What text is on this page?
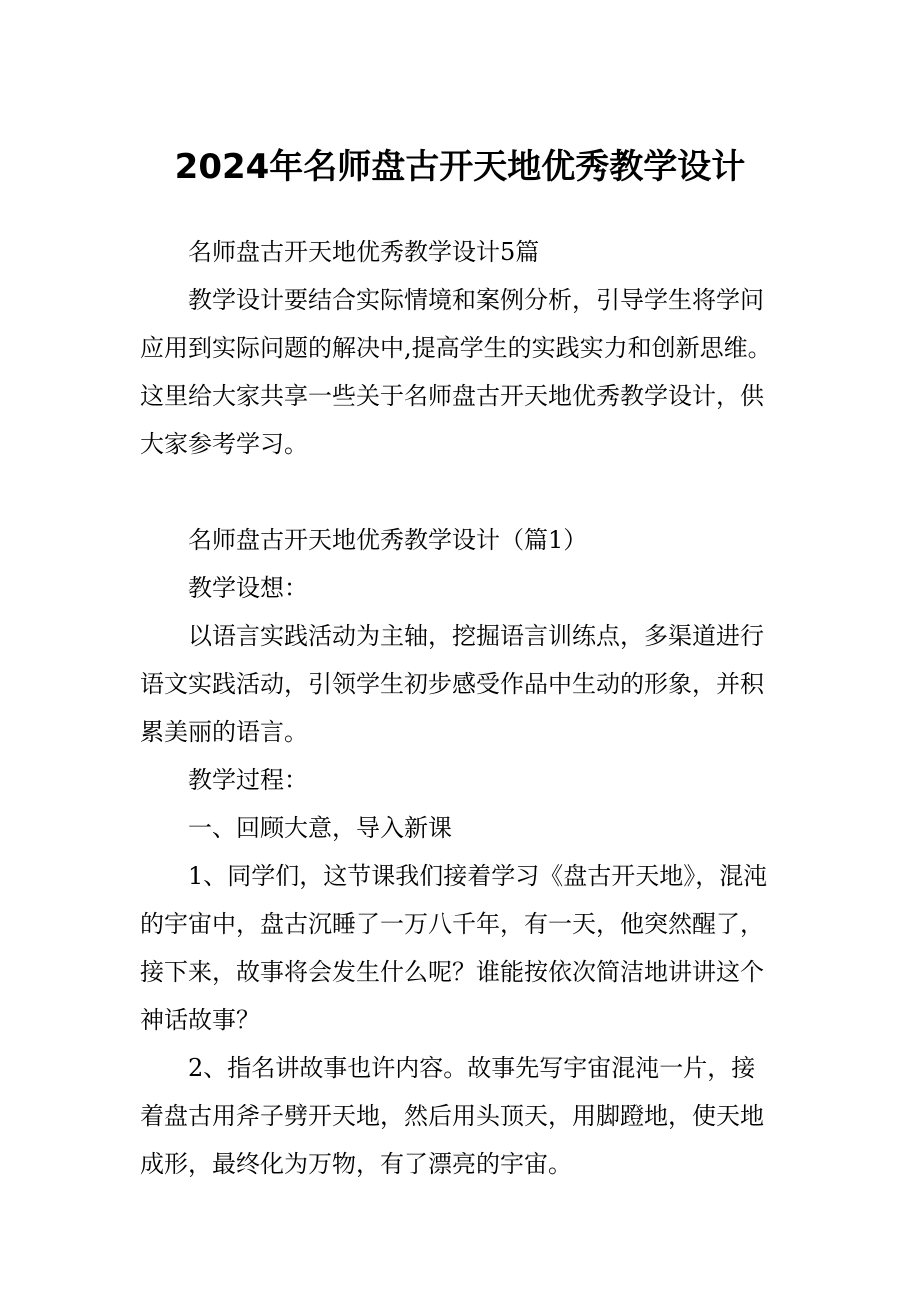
2024年名师盘古开天地优秀教学设计
名师盘古开天地优秀教学设计5篇
教学设计要结合实际情境和案例分析，引导学生将学问
应用到实际问题的解决中,提高学生的实践实力和创新思维。
这里给大家共享一些关于名师盘古开天地优秀教学设计，供
大家参考学习。
名师盘古开天地优秀教学设计（篇1）
教学设想：
以语言实践活动为主轴，挖掘语言训练点，多渠道进行
语文实践活动，引领学生初步感受作品中生动的形象，并积
累美丽的语言。
教学过程：
一、回顾大意，导入新课
1、同学们，这节课我们接着学习《盘古开天地》，混沌
的宇宙中，盘古沉睡了一万八千年，有一天，他突然醒了，
接下来，故事将会发生什么呢？谁能按依次简洁地讲讲这个
神话故事？
2、指名讲故事也许内容。故事先写宇宙混沌一片，接
着盘古用斧子劈开天地，然后用头顶天，用脚蹬地，使天地
成形，最终化为万物，有了漂亮的宇宙。
